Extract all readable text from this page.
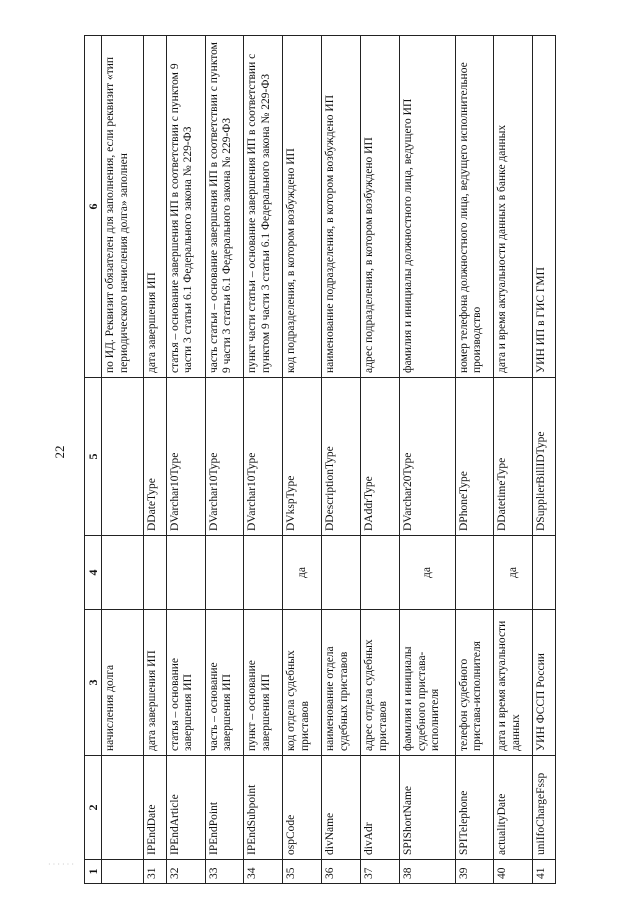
22
· · · · · ·
1	2	3	4	5	6
		начисления долга			по ИД. Реквизит обязателен для заполнения, если реквизит «тип периодического начисления долга» заполнен
31	IPEndDate	дата завершения ИП		DDateType	дата завершения ИП
32	IPEndArticle	статья – основание завершения ИП		DVarchar10Type	статья – основание завершения ИП в соответствии с пунктом 9 части 3 статьи 6.1 Федерального закона № 229-ФЗ
33	IPEndPoint	часть – основание завершения ИП		DVarchar10Type	часть статьи – основание завершения ИП в соответствии с пунктом 9 части 3 статьи 6.1 Федерального закона № 229-ФЗ
34	IPEndSubpoint	пункт – основание завершения ИП		DVarchar10Type	пункт части статьи – основание завершения ИП в соответствии с пунктом 9 части 3 статьи 6.1 Федерального закона № 229-ФЗ
35	ospCode	код отдела судебных приставов	да	DVkspType	код подразделения, в котором возбуждено ИП
36	divName	наименование отдела судебных приставов		DDescriptionType	наименование подразделения, в котором возбуждено ИП
37	divAdr	адрес отдела судебных приставов		DAddrType	адрес подразделения, в котором возбуждено ИП
38	SPIShortName	фамилия и инициалы судебного пристава-исполнителя	да	DVarchar20Type	фамилия и инициалы должностного лица, ведущего ИП
39	SPITelephone	телефон судебного пристава-исполнителя		DPhoneType	номер телефона должностного лица, ведущего исполнительное производство
40	actualityDate	дата и время актуальности данных	да	DDatetimeType	дата и время актуальности данных в банке данных
41	uniIfoChargeFssp	УИН ФССП России		DSupplierBillIDType	УИН ИП в ГИС ГМП
